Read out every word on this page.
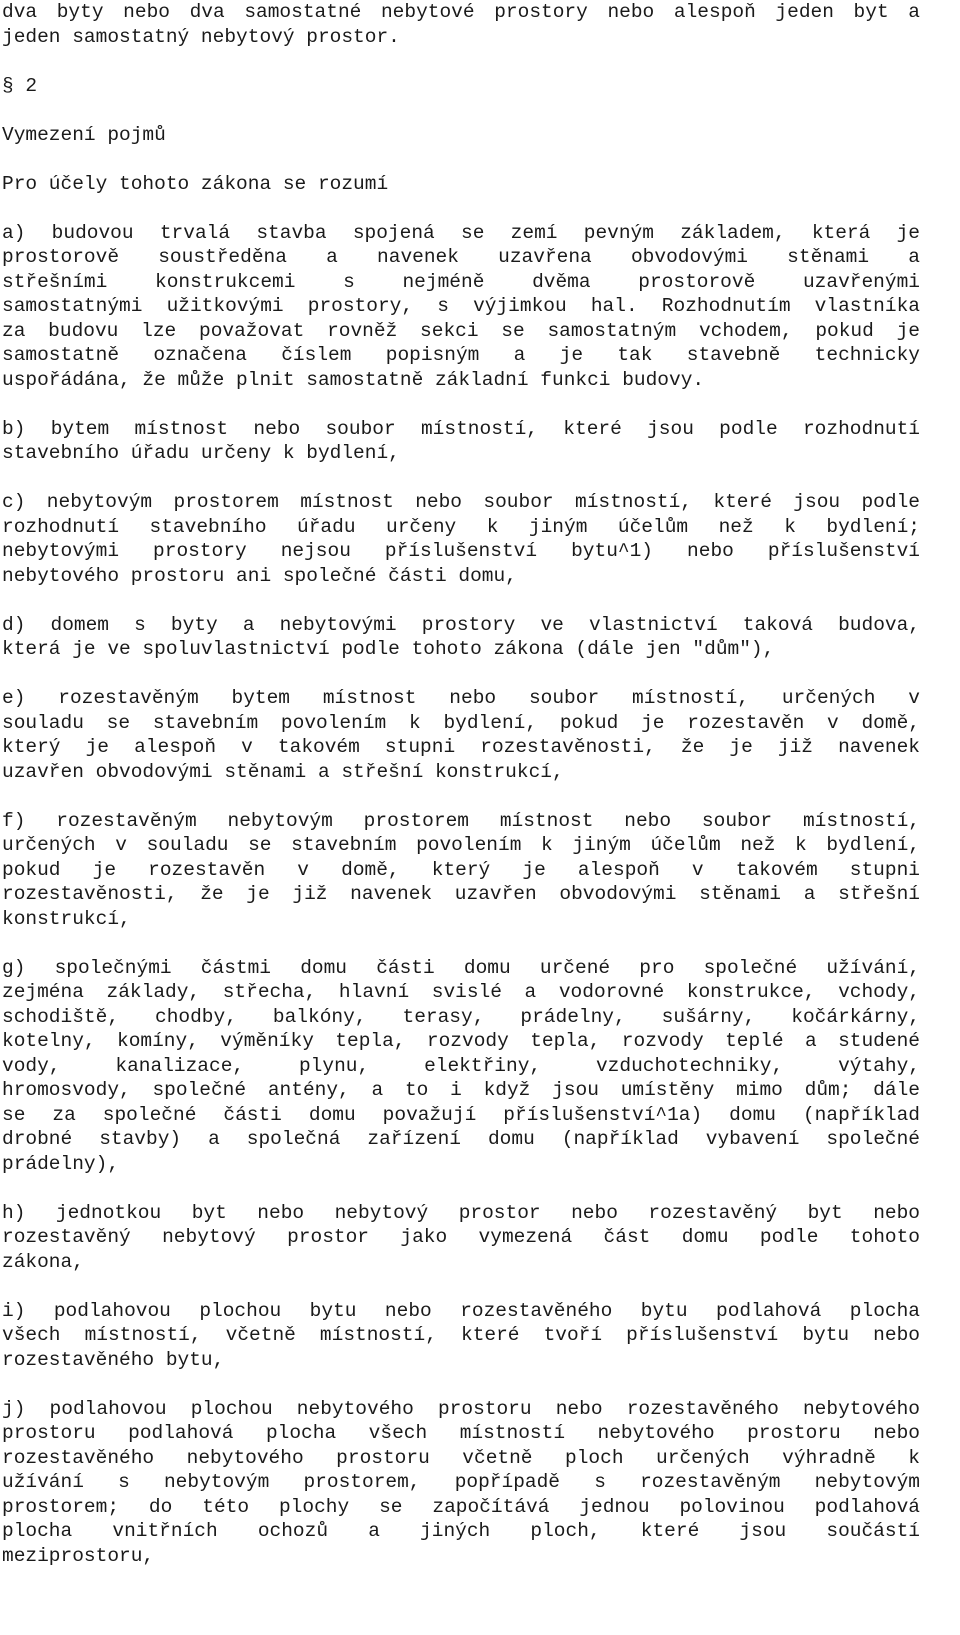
dva byty nebo dva samostatné nebytové prostory nebo alespoň jeden byt a
jeden samostatný nebytový prostor.
§ 2
Vymezení pojmů
Pro účely tohoto zákona se rozumí
a) budovou trvalá stavba spojená se zemí pevným základem, která je
prostorově soustředěna a navenek uzavřena obvodovými stěnami a
střešními konstrukcemi s nejméně dvěma prostorově uzavřenými
samostatnými užitkovými prostory, s výjimkou hal. Rozhodnutím vlastníka
za budovu lze považovat rovněž sekci se samostatným vchodem, pokud je
samostatně označena číslem popisným a je tak stavebně technicky
uspořádána, že může plnit samostatně základní funkci budovy.
b) bytem místnost nebo soubor místností, které jsou podle rozhodnutí
stavebního úřadu určeny k bydlení,
c) nebytovým prostorem místnost nebo soubor místností, které jsou podle
rozhodnutí stavebního úřadu určeny k jiným účelům než k bydlení;
nebytovými prostory nejsou příslušenství bytu^1) nebo příslušenství
nebytového prostoru ani společné části domu,
d) domem s byty a nebytovými prostory ve vlastnictví taková budova,
která je ve spoluvlastnictví podle tohoto zákona (dále jen "dům"),
e) rozestavěným bytem místnost nebo soubor místností, určených v
souladu se stavebním povolením k bydlení, pokud je rozestavěn v domě,
který je alespoň v takovém stupni rozestavěnosti, že je již navenek
uzavřen obvodovými stěnami a střešní konstrukcí,
f) rozestavěným nebytovým prostorem místnost nebo soubor místností,
určených v souladu se stavebním povolením k jiným účelům než k bydlení,
pokud je rozestavěn v domě, který je alespoň v takovém stupni
rozestavěnosti, že je již navenek uzavřen obvodovými stěnami a střešní
konstrukcí,
g) společnými částmi domu části domu určené pro společné užívání,
zejména základy, střecha, hlavní svislé a vodorovné konstrukce, vchody,
schodiště, chodby, balkóny, terasy, prádelny, sušárny, kočárkárny,
kotelny, komíny, výměníky tepla, rozvody tepla, rozvody teplé a studené
vody, kanalizace, plynu, elektřiny, vzduchotechniky, výtahy,
hromosvody, společné antény, a to i když jsou umístěny mimo dům; dále
se za společné části domu považují příslušenství^1a) domu (například
drobné stavby) a společná zařízení domu (například vybavení společné
prádelny),
h) jednotkou byt nebo nebytový prostor nebo rozestavěný byt nebo
rozestavěný nebytový prostor jako vymezená část domu podle tohoto
zákona,
i) podlahovou plochou bytu nebo rozestavěného bytu podlahová plocha
všech místností, včetně místností, které tvoří příslušenství bytu nebo
rozestavěného bytu,
j) podlahovou plochou nebytového prostoru nebo rozestavěného nebytového
prostoru podlahová plocha všech místností nebytového prostoru nebo
rozestavěného nebytového prostoru včetně ploch určených výhradně k
užívání s nebytovým prostorem, popřípadě s rozestavěným nebytovým
prostorem; do této plochy se započítává jednou polovinou podlahová
plocha vnitřních ochozů a jiných ploch, které jsou součástí
meziprostoru,
